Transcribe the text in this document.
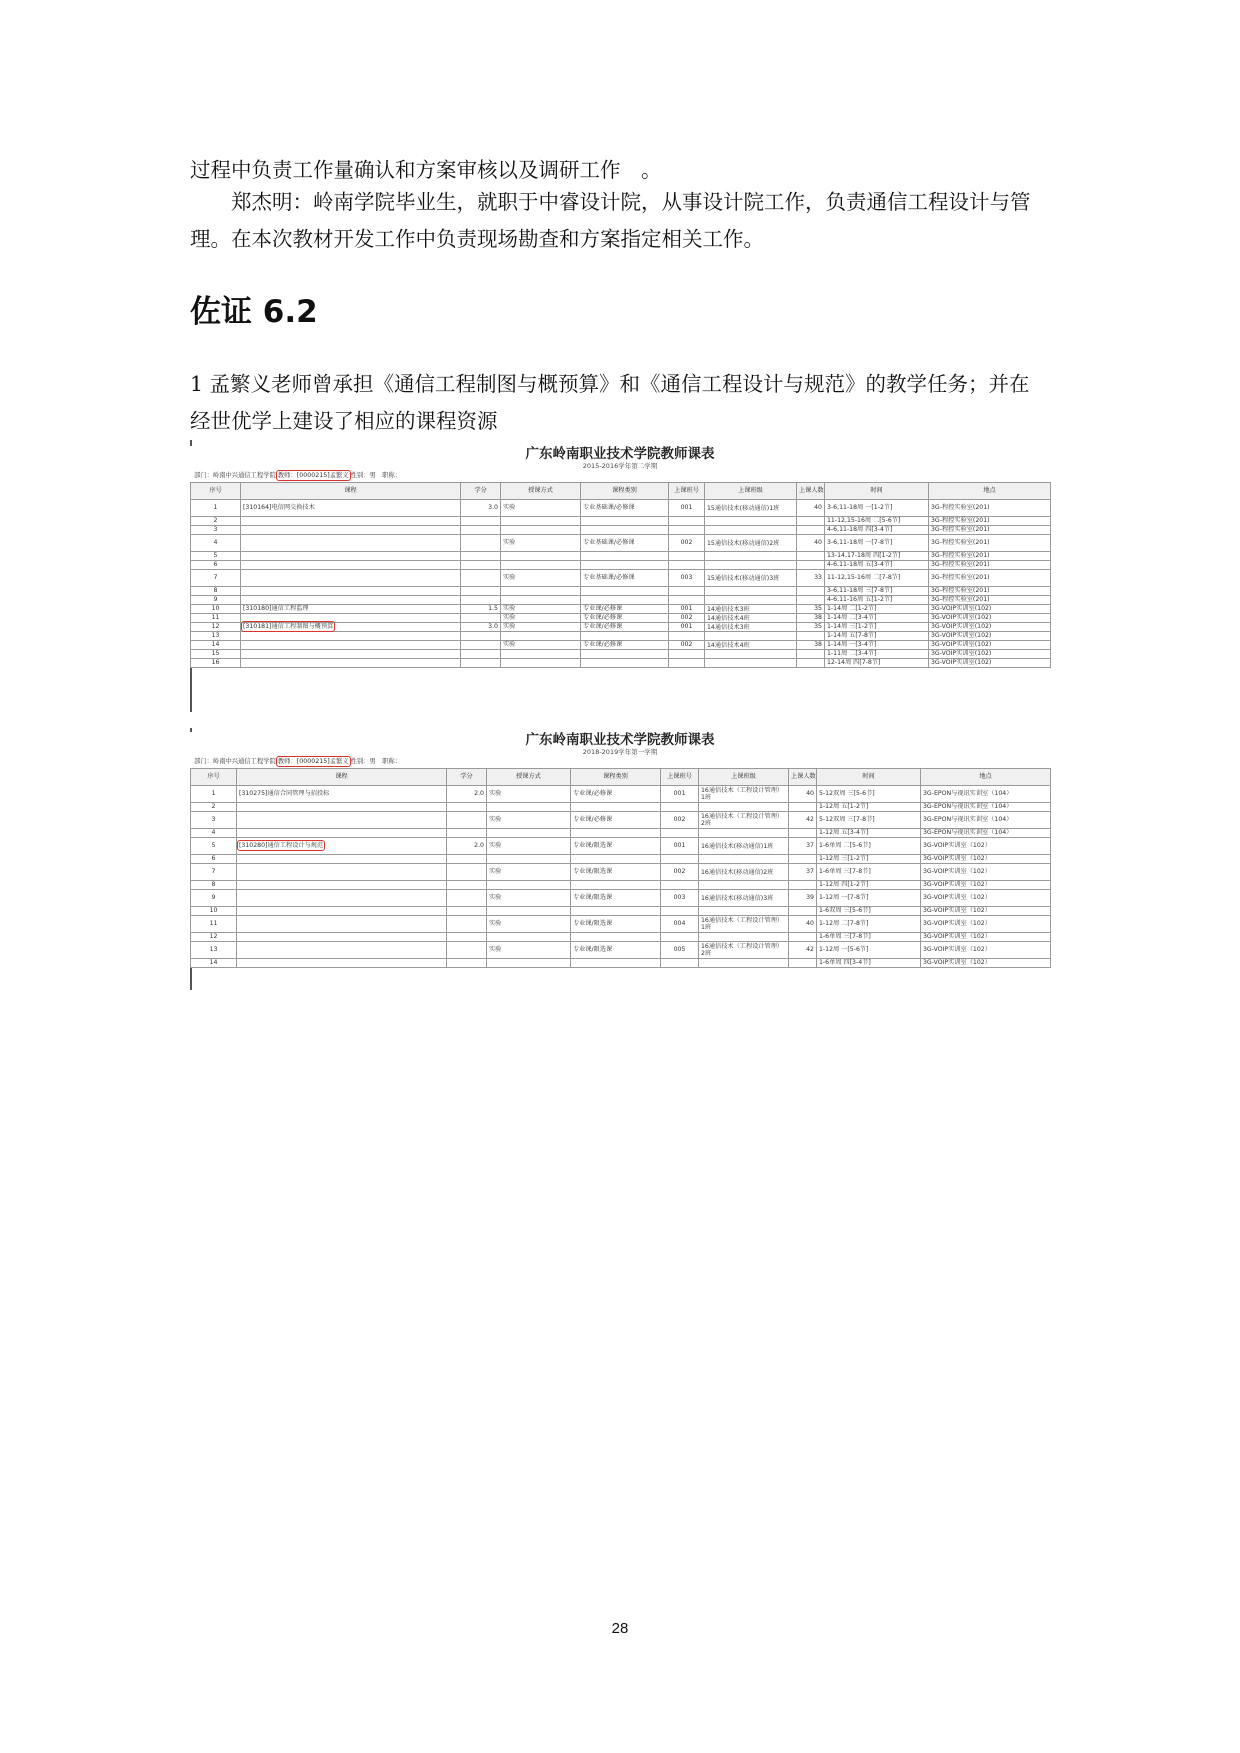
过程中负责工作量确认和方案审核以及调研工作　。

　　郑杰明：岭南学院毕业生，就职于中睿设计院，从事设计院工作，负责通信工程设计与管理。在本次教材开发工作中负责现场勘查和方案指定相关工作。

佐证 6.2

1 孟繁义老师曾承担《通信工程制图与概预算》和《通信工程设计与规范》的教学任务；并在经世优学上建设了相应的课程资源

广东岭南职业技术学院教师课表
2015-2016学年第二学期
部门：岭南中兴通信工程学院 教师：[0000215]孟繁义 性别：男　职称：
序号	课程	学分	授课方式	课程类别	上课班号	上课班级	上课人数	时间	地点
1	[310164]电信网交换技术	3.0	实验	专业基础课/必修课	001	15通信技术(移动通信)1班	40	3-6,11-18周 一[1-2节]	3G-程控实验室(201)
2								11-12,15-16周 二[5-6节]	3G-程控实验室(201)
3								4-6,11-18周 四[3-4节]	3G-程控实验室(201)
4			实验	专业基础课/必修课	002	15通信技术(移动通信)2班	40	3-6,11-18周 一[7-8节]	3G-程控实验室(201)
5								13-14,17-18周 四[1-2节]	3G-程控实验室(201)
6								4-6,11-18周 五[3-4节]	3G-程控实验室(201)
7			实验	专业基础课/必修课	003	15通信技术(移动通信)3班	33	11-12,15-16周 二[7-8节]	3G-程控实验室(201)
8								3-6,11-18周 三[7-8节]	3G-程控实验室(201)
9								4-6,11-16周 五[1-2节]	3G-程控实验室(201)
10	[310180]通信工程监理	1.5	实验	专业课/必修课	001	14通信技术3班	35	1-14周 二[1-2节]	3G-VOIP实训室(102)
11			实验	专业课/必修课	002	14通信技术4班	38	1-14周 二[3-4节]	3G-VOIP实训室(102)
12	[310181]通信工程制图与概预算	3.0	实验	专业课/必修课	001	14通信技术3班	35	1-14周 三[1-2节]	3G-VOIP实训室(102)
13								1-14周 五[7-8节]	3G-VOIP实训室(102)
14			实验	专业课/必修课	002	14通信技术4班	38	1-14周 一[3-4节]	3G-VOIP实训室(102)
15								1-11周 二[3-4节]	3G-VOIP实训室(102)
16								12-14周 四[7-8节]	3G-VOIP实训室(102)
广东岭南职业技术学院教师课表
2018-2019学年第一学期
部门：岭南中兴通信工程学院 教师：[0000215]孟繁义 性别：男　职称：
序号	课程	学分	授课方式	课程类别	上课班号	上课班级	上课人数	时间	地点
1	[310275]通信合同管理与招投标	2.0	实验	专业课/必修课	001	16通信技术（工程设计管理）1班	40	5-12双周 三[5-6节]	3G-EPON与视讯实训室（104）
2								1-12周 五[1-2节]	3G-EPON与视讯实训室（104）
3			实验	专业课/必修课	002	16通信技术（工程设计管理）2班	42	5-12双周 三[7-8节]	3G-EPON与视讯实训室（104）
4								1-12周 五[3-4节]	3G-EPON与视讯实训室（104）
5	[310280]通信工程设计与规范	2.0	实验	专业课/限选课	001	16通信技术(移动通信)1班	37	1-6单周 二[5-6节]	3G-VOIP实训室（102）
6								1-12周 三[1-2节]	3G-VOIP实训室（102）
7			实验	专业课/限选课	002	16通信技术(移动通信)2班	37	1-6单周 三[7-8节]	3G-VOIP实训室（102）
8								1-12周 四[1-2节]	3G-VOIP实训室（102）
9			实验	专业课/限选课	003	16通信技术(移动通信)3班	39	1-12周 一[7-8节]	3G-VOIP实训室（102）
10								1-6双周 三[5-6节]	3G-VOIP实训室（102）
11			实验	专业课/限选课	004	16通信技术（工程设计管理）1班	40	1-12周 二[7-8节]	3G-VOIP实训室（102）
12								1-6单周 三[7-8节]	3G-VOIP实训室（102）
13			实验	专业课/限选课	005	16通信技术（工程设计管理）2班	42	1-12周 一[5-6节]	3G-VOIP实训室（102）
14								1-6单周 四[3-4节]	3G-VOIP实训室（102）
28
